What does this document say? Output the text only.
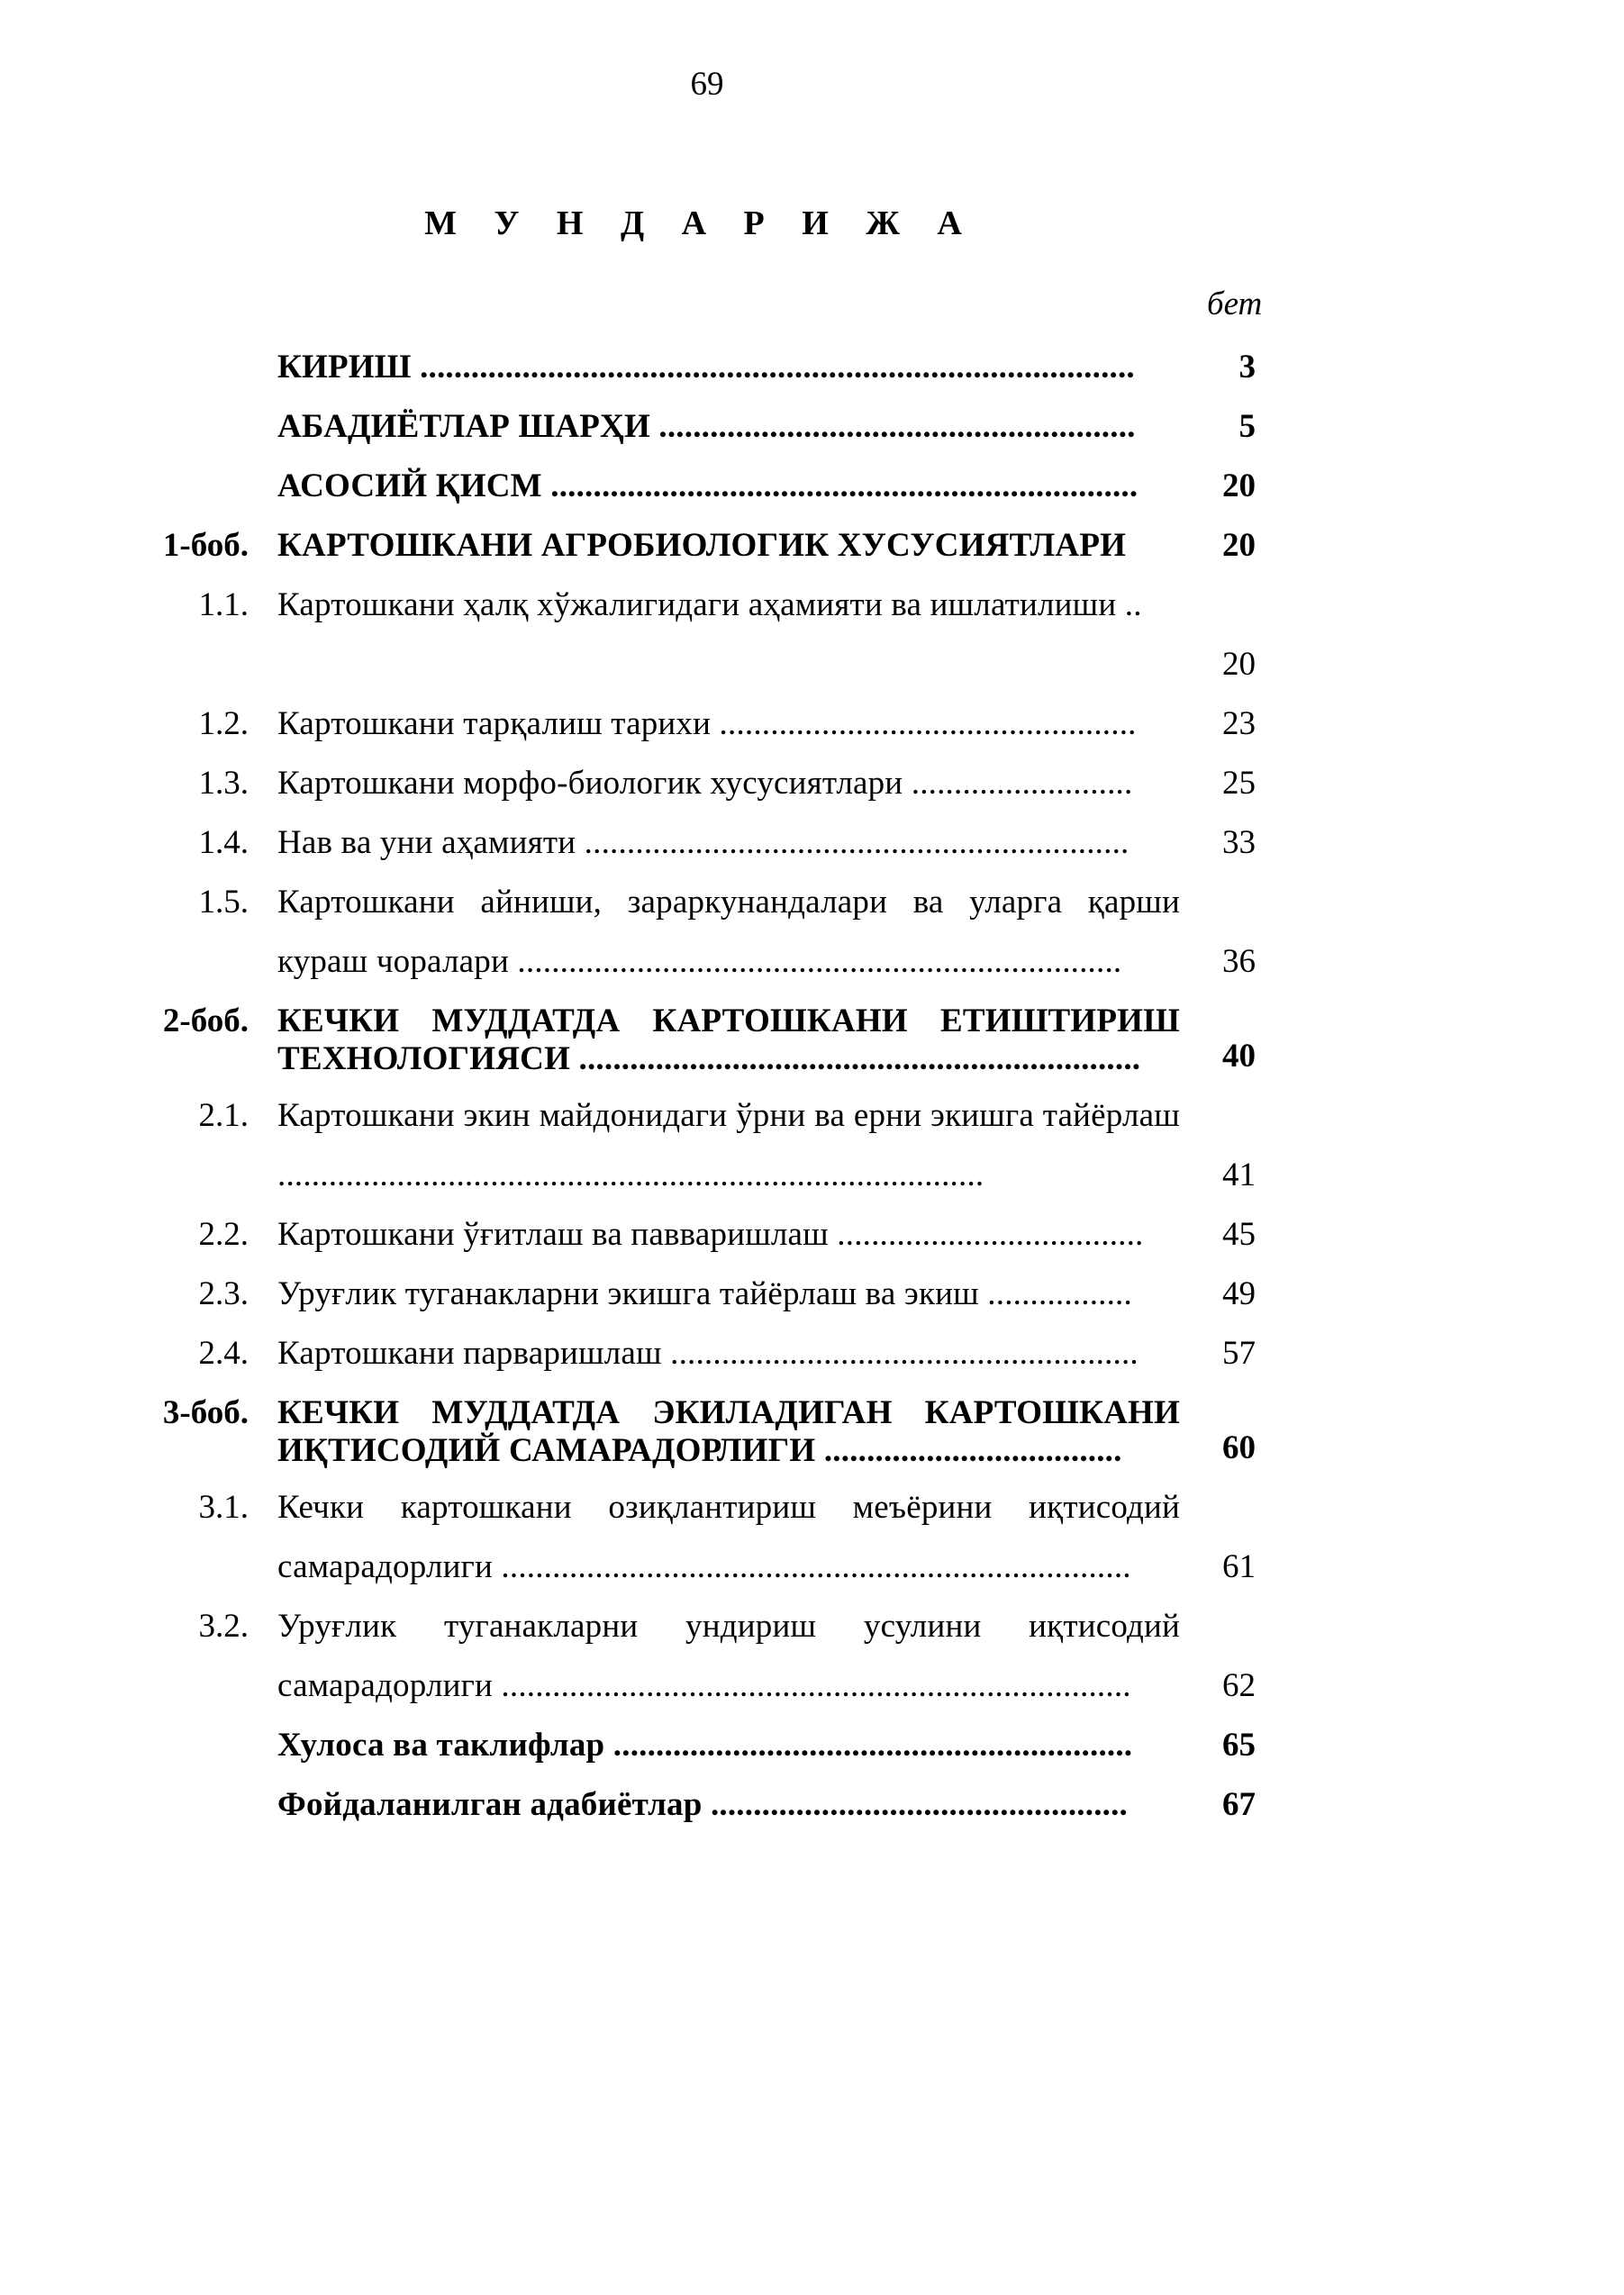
69
М У Н Д А Р И Ж А
бет
КИРИШ ....................................................................................	3
АБАДИЁТЛАР ШАРҲИ ........................................................	5
АСОСИЙ ҚИСМ .....................................................................	20
1-боб. КАРТОШКАНИ АГРОБИОЛОГИК ХУСУСИЯТЛАРИ	20
1.1. Картошкани ҳалқ хўжалигидаги аҳамияти ва ишлатилиши ..
20
1.2. Картошкани тарқалиш тарихи .................................................	23
1.3. Картошкани морфо-биологик хусусиятлари ..........................	25
1.4. Нав ва уни аҳамияти ................................................................	33
1.5. Картошкани айниши, зараркунандалари ва уларга қарши кураш чоралари .......................................................................	36
2-боб. КЕЧКИ МУДДАТДА КАРТОШКАНИ ЕТИШТИРИШ ТЕХНОЛОГИЯСИ ..................................................................	40
2.1. Картошкани экин майдонидаги ўрни ва ерни экишга тайёрлаш ...................................................................................	41
2.2. Картошкани ўғитлаш ва павваришлаш ....................................	45
2.3. Уруғлик туганакларни экишга тайёрлаш ва экиш .................	49
2.4. Картошкани парваришлаш .......................................................	57
3-боб. КЕЧКИ МУДДАТДА ЭКИЛАДИГАН КАРТОШКАНИ ИҚТИСОДИЙ САМАРАДОРЛИГИ ...................................	60
3.1. Кечки картошкани озиқлантириш меъёрини иқтисодий самарадорлиги ..........................................................................	61
3.2. Уруғлик туганакларни ундириш усулини иқтисодий самарадорлиги ..........................................................................	62
Хулоса ва таклифлар .............................................................	65
Фойдаланилган адабиётлар .................................................	67
